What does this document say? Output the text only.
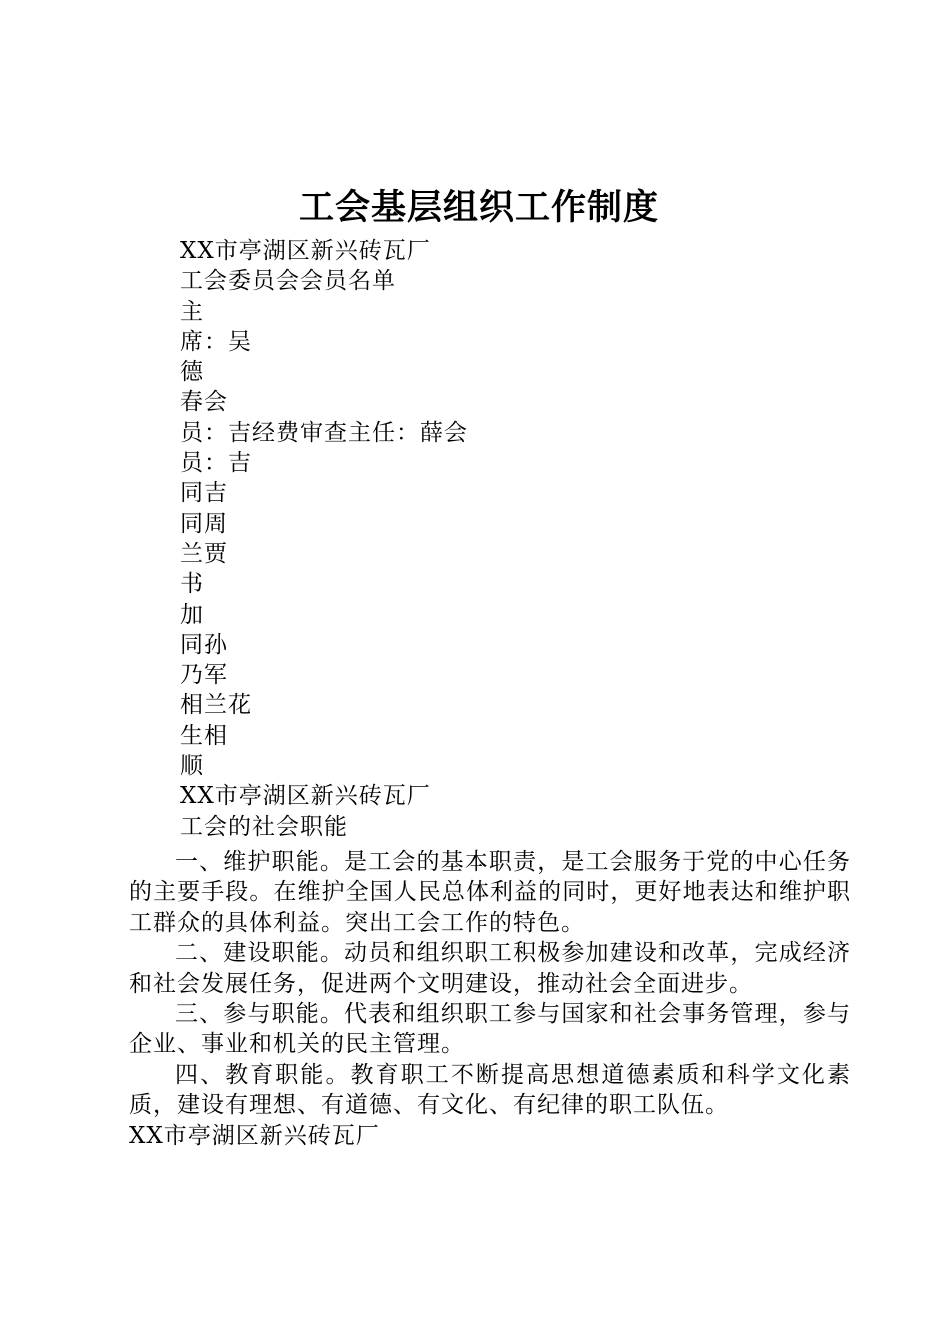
工会基层组织工作制度
XX市亭湖区新兴砖瓦厂
工会委员会会员名单
主
席：吴
德
春会
员：吉经费审查主任：薛会
员：吉
同吉
同周
兰贾
书
加
同孙
乃军
相兰花
生相
顺
XX市亭湖区新兴砖瓦厂
工会的社会职能

一、维护职能。是工会的基本职责，是工会服务于党的中心任务的主要手段。在维护全国人民总体利益的同时，更好地表达和维护职工群众的具体利益。突出工会工作的特色。

二、建设职能。动员和组织职工积极参加建设和改革，完成经济和社会发展任务，促进两个文明建设，推动社会全面进步。

三、参与职能。代表和组织职工参与国家和社会事务管理，参与企业、事业和机关的民主管理。

四、教育职能。教育职工不断提高思想道德素质和科学文化素质，建设有理想、有道德、有文化、有纪律的职工队伍。

XX市亭湖区新兴砖瓦厂
